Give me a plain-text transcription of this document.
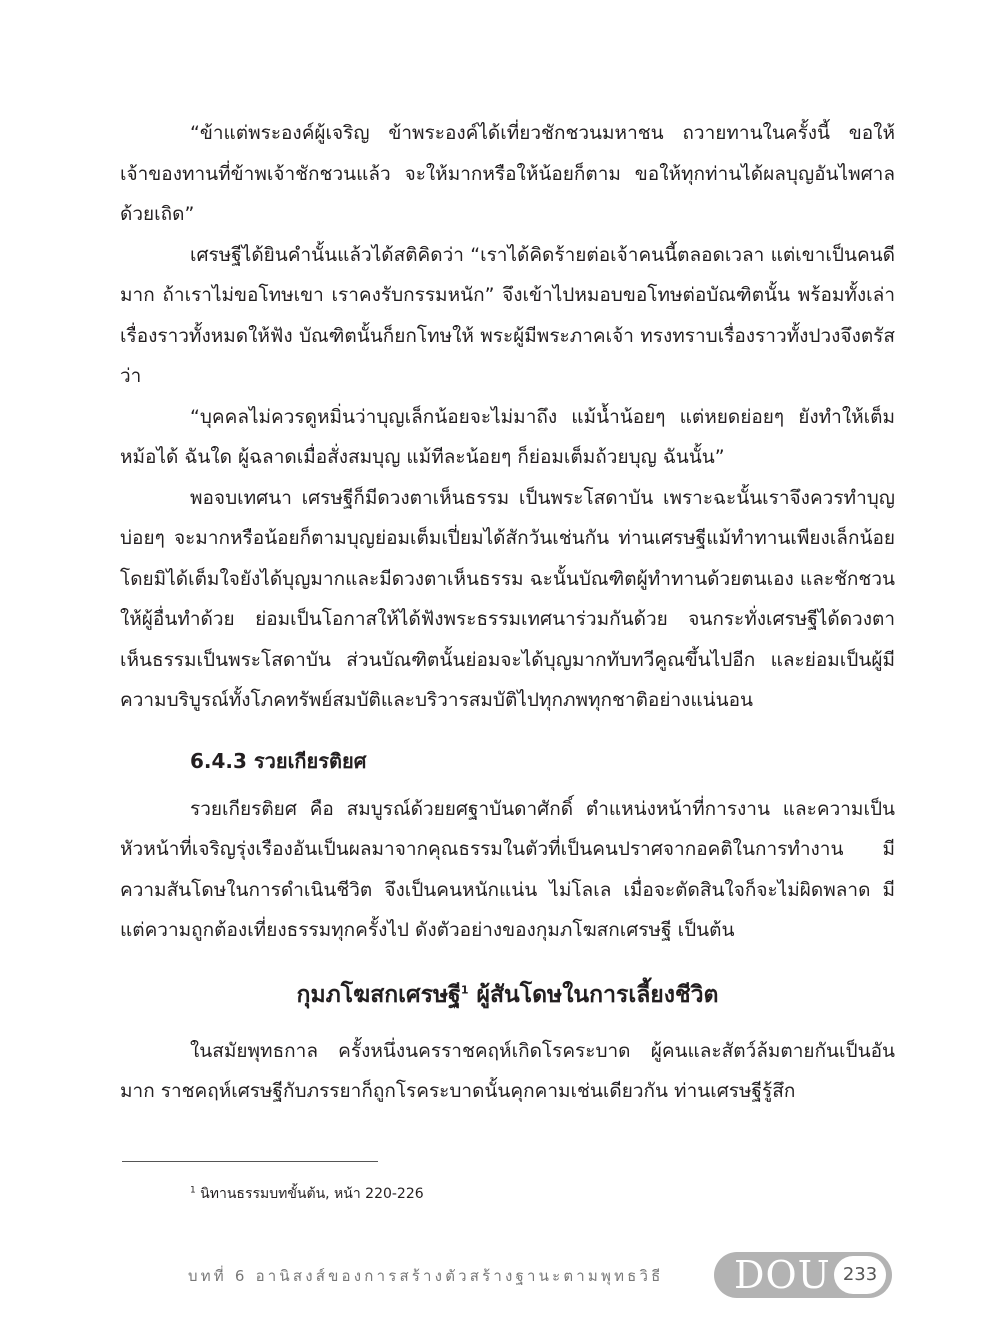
“ข้าแต่พระองค์ผู้เจริญ ข้าพระองค์ได้เที่ยวชักชวนมหาชน ถวายทานในครั้งนี้ ขอให้เจ้าของทานที่ข้าพเจ้าชักชวนแล้ว จะให้มากหรือให้น้อยก็ตาม ขอให้ทุกท่านได้ผลบุญอันไพศาลด้วยเถิด”

เศรษฐีได้ยินคำนั้นแล้วได้สติคิดว่า “เราได้คิดร้ายต่อเจ้าคนนี้ตลอดเวลา แต่เขาเป็นคนดีมาก ถ้าเราไม่ขอโทษเขา เราคงรับกรรมหนัก” จึงเข้าไปหมอบขอโทษต่อบัณฑิตนั้น พร้อมทั้งเล่าเรื่องราวทั้งหมดให้ฟัง บัณฑิตนั้นก็ยกโทษให้ พระผู้มีพระภาคเจ้า ทรงทราบเรื่องราวทั้งปวงจึงตรัสว่า

“บุคคลไม่ควรดูหมิ่นว่าบุญเล็กน้อยจะไม่มาถึง แม้น้ำน้อยๆ แต่หยดย่อยๆ ยังทำให้เต็มหม้อได้ ฉันใด ผู้ฉลาดเมื่อสั่งสมบุญ แม้ทีละน้อยๆ ก็ย่อมเต็มถ้วยบุญ ฉันนั้น”

พอจบเทศนา เศรษฐีก็มีดวงตาเห็นธรรม เป็นพระโสดาบัน เพราะฉะนั้นเราจึงควรทำบุญบ่อยๆ จะมากหรือน้อยก็ตามบุญย่อมเต็มเปี่ยมได้สักวันเช่นกัน ท่านเศรษฐีแม้ทำทานเพียงเล็กน้อยโดยมิได้เต็มใจยังได้บุญมากและมีดวงตาเห็นธรรม ฉะนั้นบัณฑิตผู้ทำทานด้วยตนเอง และชักชวนให้ผู้อื่นทำด้วย ย่อมเป็นโอกาสให้ได้ฟังพระธรรมเทศนาร่วมกันด้วย จนกระทั่งเศรษฐีได้ดวงตาเห็นธรรมเป็นพระโสดาบัน ส่วนบัณฑิตนั้นย่อมจะได้บุญมากทับทวีคูณขึ้นไปอีก และย่อมเป็นผู้มีความบริบูรณ์ทั้งโภคทรัพย์สมบัติและบริวารสมบัติไปทุกภพทุกชาติอย่างแน่นอน

6.4.3 รวยเกียรติยศ

รวยเกียรติยศ คือ สมบูรณ์ด้วยยศฐาบันดาศักดิ์ ตำแหน่งหน้าที่การงาน และความเป็นหัวหน้าที่เจริญรุ่งเรืองอันเป็นผลมาจากคุณธรรมในตัวที่เป็นคนปราศจากอคติในการทำงาน มีความสันโดษในการดำเนินชีวิต จึงเป็นคนหนักแน่น ไม่โลเล เมื่อจะตัดสินใจก็จะไม่ผิดพลาด มีแต่ความถูกต้องเที่ยงธรรมทุกครั้งไป ดังตัวอย่างของกุมภโฆสกเศรษฐี เป็นต้น

กุมภโฆสกเศรษฐี$^1$ ผู้สันโดษในการเลี้ยงชีวิต

ในสมัยพุทธกาล ครั้งหนึ่งนครราชคฤห์เกิดโรคระบาด ผู้คนและสัตว์ล้มตายกันเป็นอันมาก ราชคฤห์เศรษฐีกับภรรยาก็ถูกโรคระบาดนั้นคุกคามเช่นเดียวกัน ท่านเศรษฐีรู้สึก

$^1$ นิทานธรรมบทขั้นต้น, หน้า 220-226
บทที่ 6 อานิสงส์ของการสร้างตัวสร้างฐานะตามพุทธวิธี DOU 233
